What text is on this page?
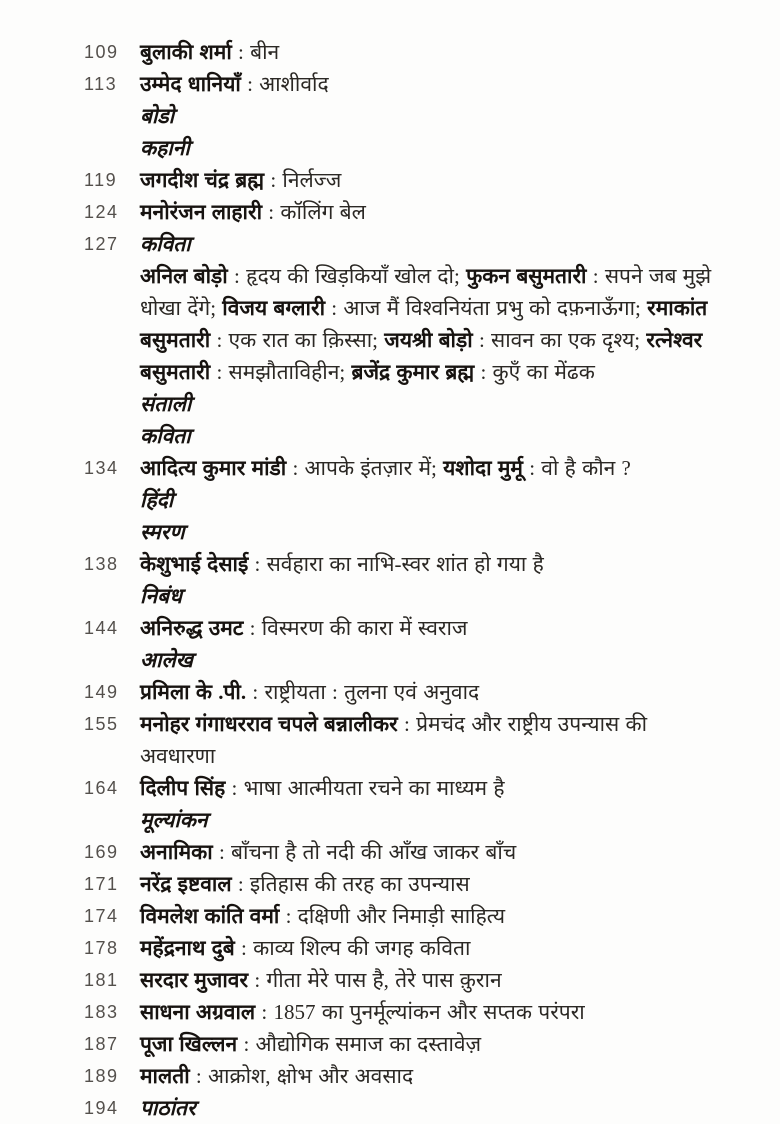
109	बुलाकी शर्मा : बीन
113	उम्मेद धानियाँ : आशीर्वाद
बोडो
कहानी
119	जगदीश चंद्र ब्रह्म : निर्लज्ज
124	मनोरंजन लाहारी : कॉलिंग बेल
127	कविता
अनिल बोड़ो : हृदय की खिड़कियाँ खोल दो; फुकन बसुमतारी : सपने जब मुझे धोखा देंगे; विजय बग्लारी : आज मैं विश्वनियंता प्रभु को दफ़नाऊँगा; रमाकांत बसुमतारी : एक रात का क़िस्सा; जयश्री बोड़ो : सावन का एक दृश्य; रत्नेश्वर बसुमतारी : समझौताविहीन; ब्रजेंद्र कुमार ब्रह्म : कुएँ का मेंढक
संताली
कविता
134	आदित्य कुमार मांडी : आपके इंतज़ार में; यशोदा मुर्मू : वो है कौन ?
हिंदी
स्मरण
138	केशुभाई देसाई : सर्वहारा का नाभि-स्वर शांत हो गया है
निबंध
144	अनिरुद्ध उमट : विस्मरण की कारा में स्वराज
आलेख
149	प्रमिला के .पी. : राष्ट्रीयता : तुलना एवं अनुवाद
155	मनोहर गंगाधरराव चपले बन्नालीकर : प्रेमचंद और राष्ट्रीय उपन्यास की अवधारणा
164	दिलीप सिंह : भाषा आत्मीयता रचने का माध्यम है
मूल्यांकन
169	अनामिका : बाँचना है तो नदी की आँख जाकर बाँच
171	नरेंद्र इष्टवाल : इतिहास की तरह का उपन्यास
174	विमलेश कांति वर्मा : दक्षिणी और निमाड़ी साहित्य
178	महेंद्रनाथ दुबे : काव्य शिल्प की जगह कविता
181	सरदार मुजावर : गीता मेरे पास है, तेरे पास क़ुरान
183	साधना अग्रवाल : 1857 का पुनर्मूल्यांकन और सप्तक परंपरा
187	पूजा खिल्लन : औद्योगिक समाज का दस्तावेज़
189	मालती : आक्रोश, क्षोभ और अवसाद
194	पाठांतर
